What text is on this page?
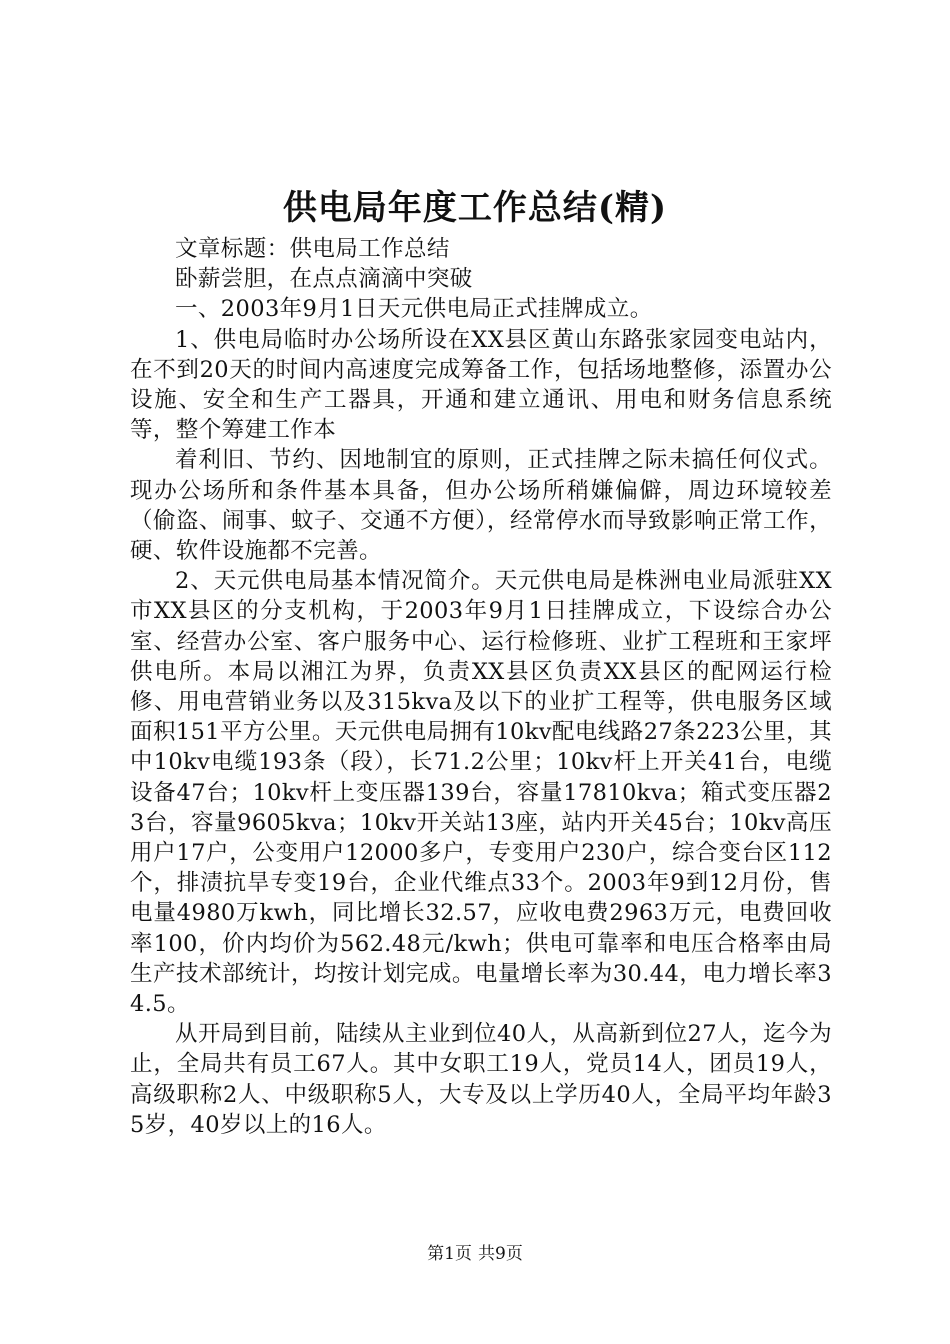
供电局年度工作总结(精)

文章标题：供电局工作总结

卧薪尝胆，在点点滴滴中突破

一、2003年9月1日天元供电局正式挂牌成立。

1、供电局临时办公场所设在XX县区黄山东路张家园变电站内，在不到20天的时间内高速度完成筹备工作，包括场地整修，添置办公设施、安全和生产工器具，开通和建立通讯、用电和财务信息系统等，整个筹建工作本

着利旧、节约、因地制宜的原则，正式挂牌之际未搞任何仪式。现办公场所和条件基本具备，但办公场所稍嫌偏僻，周边环境较差（偷盗、闹事、蚊子、交通不方便），经常停水而导致影响正常工作，硬、软件设施都不完善。

2、天元供电局基本情况简介。天元供电局是株洲电业局派驻XX市XX县区的分支机构，于2003年9月1日挂牌成立，下设综合办公室、经营办公室、客户服务中心、运行检修班、业扩工程班和王家坪供电所。本局以湘江为界，负责XX县区负责XX县区的配网运行检修、用电营销业务以及315kva及以下的业扩工程等，供电服务区域面积151平方公里。天元供电局拥有10kv配电线路27条223公里，其中10kv电缆193条（段），长71.2公里；10kv杆上开关41台，电缆设备47台；10kv杆上变压器139台，容量17810kva；箱式变压器23台，容量9605kva；10kv开关站13座，站内开关45台；10kv高压用户17户，公变用户12000多户，专变用户230户，综合变台区112个，排渍抗旱专变19台，企业代维点33个。2003年9到12月份，售电量4980万kwh，同比增长32.57，应收电费2963万元，电费回收率100，价内均价为562.48元/kwh；供电可靠率和电压合格率由局生产技术部统计，均按计划完成。电量增长率为30.44，电力增长率34.5。

从开局到目前，陆续从主业到位40人，从高新到位27人，迄今为止，全局共有员工67人。其中女职工19人，党员14人，团员19人，高级职称2人、中级职称5人，大专及以上学历40人，全局平均年龄35岁，40岁以上的16人。

第1页 共9页
